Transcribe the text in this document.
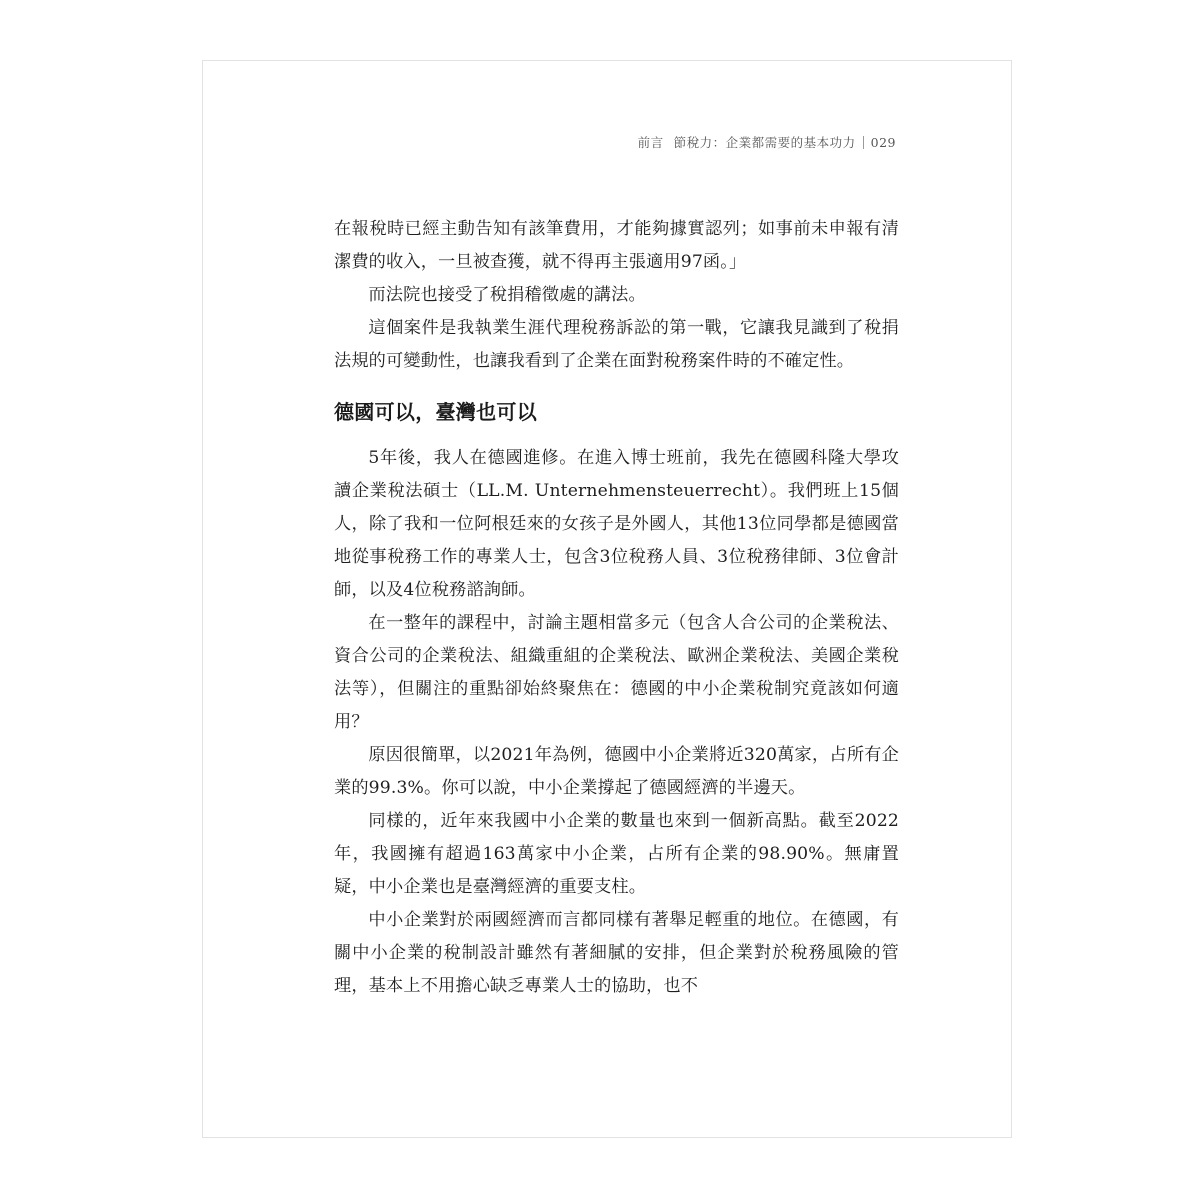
前言 節稅力：企業都需要的基本功力 029

在報稅時已經主動告知有該筆費用，才能夠據實認列；如事前未申報有清潔費的收入，一旦被查獲，就不得再主張適用97函。」

而法院也接受了稅捐稽徵處的講法。

這個案件是我執業生涯代理稅務訴訟的第一戰，它讓我見識到了稅捐法規的可變動性，也讓我看到了企業在面對稅務案件時的不確定性。

德國可以，臺灣也可以

5年後，我人在德國進修。在進入博士班前，我先在德國科隆大學攻讀企業稅法碩士（LL.M. Unternehmensteuerrecht）。我們班上15個人，除了我和一位阿根廷來的女孩子是外國人，其他13位同學都是德國當地從事稅務工作的專業人士，包含3位稅務人員、3位稅務律師、3位會計師，以及4位稅務諮詢師。

在一整年的課程中，討論主題相當多元（包含人合公司的企業稅法、資合公司的企業稅法、組織重組的企業稅法、歐洲企業稅法、美國企業稅法等），但關注的重點卻始終聚焦在：德國的中小企業稅制究竟該如何適用？

原因很簡單，以2021年為例，德國中小企業將近320萬家，占所有企業的99.3%。你可以說，中小企業撐起了德國經濟的半邊天。

同樣的，近年來我國中小企業的數量也來到一個新高點。截至2022年，我國擁有超過163萬家中小企業，占所有企業的98.90%。無庸置疑，中小企業也是臺灣經濟的重要支柱。

中小企業對於兩國經濟而言都同樣有著舉足輕重的地位。在德國，有關中小企業的稅制設計雖然有著細膩的安排，但企業對於稅務風險的管理，基本上不用擔心缺乏專業人士的協助，也不
